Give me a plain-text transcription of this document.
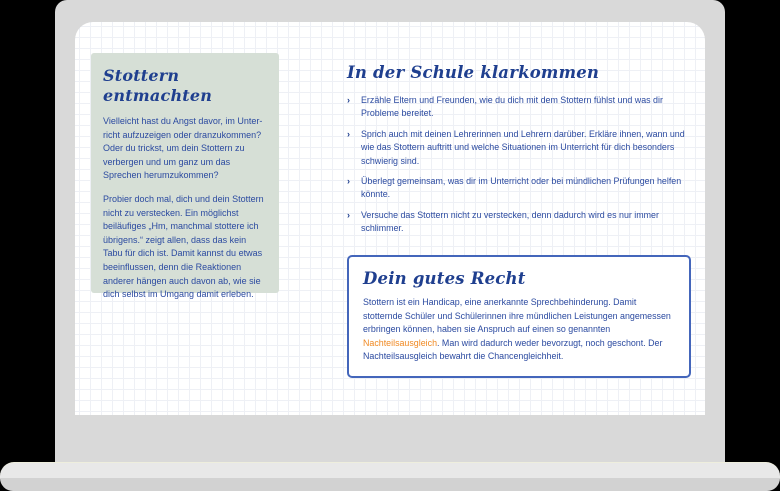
Stottern entmachten

Vielleicht hast du Angst davor, im Unter-richt aufzuzeigen oder dranzukommen? Oder du trickst, um dein Stottern zu verbergen und um ganz um das Sprechen herumzukommen?

Probier doch mal, dich und dein Stottern nicht zu verstecken. Ein möglichst beiläufiges „Hm, manchmal stottere ich übrigens.“ zeigt allen, dass das kein Tabu für dich ist. Damit kannst du etwas beeinflussen, denn die Reaktionen anderer hängen auch davon ab, wie sie dich selbst im Umgang damit erleben.

In der Schule klarkommen
› Erzähle Eltern und Freunden, wie du dich mit dem Stottern fühlst und was dir Probleme bereitet.
› Sprich auch mit deinen Lehrerinnen und Lehrern darüber. Erkläre ihnen, wann und wie das Stottern auftritt und welche Situationen im Unterricht für dich besonders schwierig sind.
› Überlegt gemeinsam, was dir im Unterricht oder bei mündlichen Prüfungen helfen könnte.
› Versuche das Stottern nicht zu verstecken, denn dadurch wird es nur immer schlimmer.
Dein gutes Recht

Stottern ist ein Handicap, eine anerkannte Sprechbehinderung. Damit stotternde Schüler und Schülerinnen ihre mündlichen Leistungen angemessen erbringen können, haben sie Anspruch auf einen so genannten Nachteilsausgleich. Man wird dadurch weder bevorzugt, noch geschont. Der Nachteilsausgleich bewahrt die Chancengleichheit.
